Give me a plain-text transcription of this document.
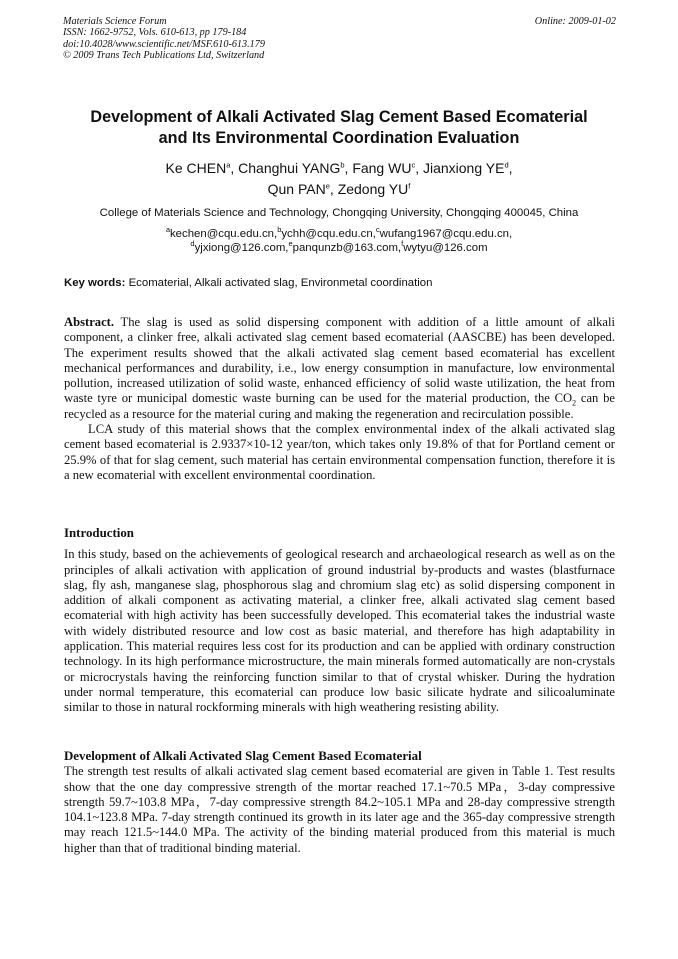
Materials Science Forum
ISSN: 1662-9752, Vols. 610-613, pp 179-184
doi:10.4028/www.scientific.net/MSF.610-613.179
© 2009 Trans Tech Publications Ltd, Switzerland
Online: 2009-01-02
Development of Alkali Activated Slag Cement Based Ecomaterial
and Its Environmental Coordination Evaluation
Ke CHEN$^a$, Changhui YANG$^b$, Fang $WU^c$, Jianxiong $YE^d$,
Qun PAN$^e$, Zedong $YU^f$
College of Materials Science and Technology, Chongqing University, Chongqing 400045, China
$^a$kechen@cqu.edu.cn,$^b$ychh@cqu.edu.cn,$^c$wufang1967@cqu.edu.cn,
$^d$yjxiong@126.com,$^e$panqunzb@163.com,$^f$wytyu@126.com
Key words: Ecomaterial, Alkali activated slag, Environmetal coordination

Abstract. The slag is used as solid dispersing component with addition of a little amount of alkali component, a clinker free, alkali activated slag cement based ecomaterial (AASCBE) has been developed. The experiment results showed that the alkali activated slag cement based ecomaterial has excellent mechanical performances and durability, i.e., low energy consumption in manufacture, low environmental pollution, increased utilization of solid waste, enhanced efficiency of solid waste utilization, the heat from waste tyre or municipal domestic waste burning can be used for the material production, the $CO_2$ can be recycled as a resource for the material curing and making the regeneration and recirculation possible.

LCA study of this material shows that the complex environmental index of the alkali activated slag cement based ecomaterial is 2.9337×10-12 year/ton, which takes only 19.8% of that for Portland cement or 25.9% of that for slag cement, such material has certain environmental compensation function, therefore it is a new ecomaterial with excellent environmental coordination.

Introduction

In this study, based on the achievements of geological research and archaeological research as well as on the principles of alkali activation with application of ground industrial by-products and wastes (blastfurnace slag, fly ash, manganese slag, phosphorous slag and chromium slag etc) as solid dispersing component in addition of alkali component as activating material, a clinker free, alkali activated slag cement based ecomaterial with high activity has been successfully developed. This ecomaterial takes the industrial waste with widely distributed resource and low cost as basic material, and therefore has high adaptability in application. This material requires less cost for its production and can be applied with ordinary construction technology. In its high performance microstructure, the main minerals formed automatically are non-crystals or microcrystals having the reinforcing function similar to that of crystal whisker. During the hydration under normal temperature, this ecomaterial can produce low basic silicate hydrate and silicoaluminate similar to those in natural rockforming minerals with high weathering resisting ability.

Development of Alkali Activated Slag Cement Based Ecomaterial

The strength test results of alkali activated slag cement based ecomaterial are given in Table 1. Test results show that the one day compressive strength of the mortar reached 17.1~70.5 MPa，3-day compressive strength 59.7~103.8 MPa，7-day compressive strength 84.2~105.1 MPa and 28-day compressive strength 104.1~123.8 MPa. 7-day strength continued its growth in its later age and the 365-day compressive strength may reach 121.5~144.0 MPa. The activity of the binding material produced from this material is much higher than that of traditional binding material.
